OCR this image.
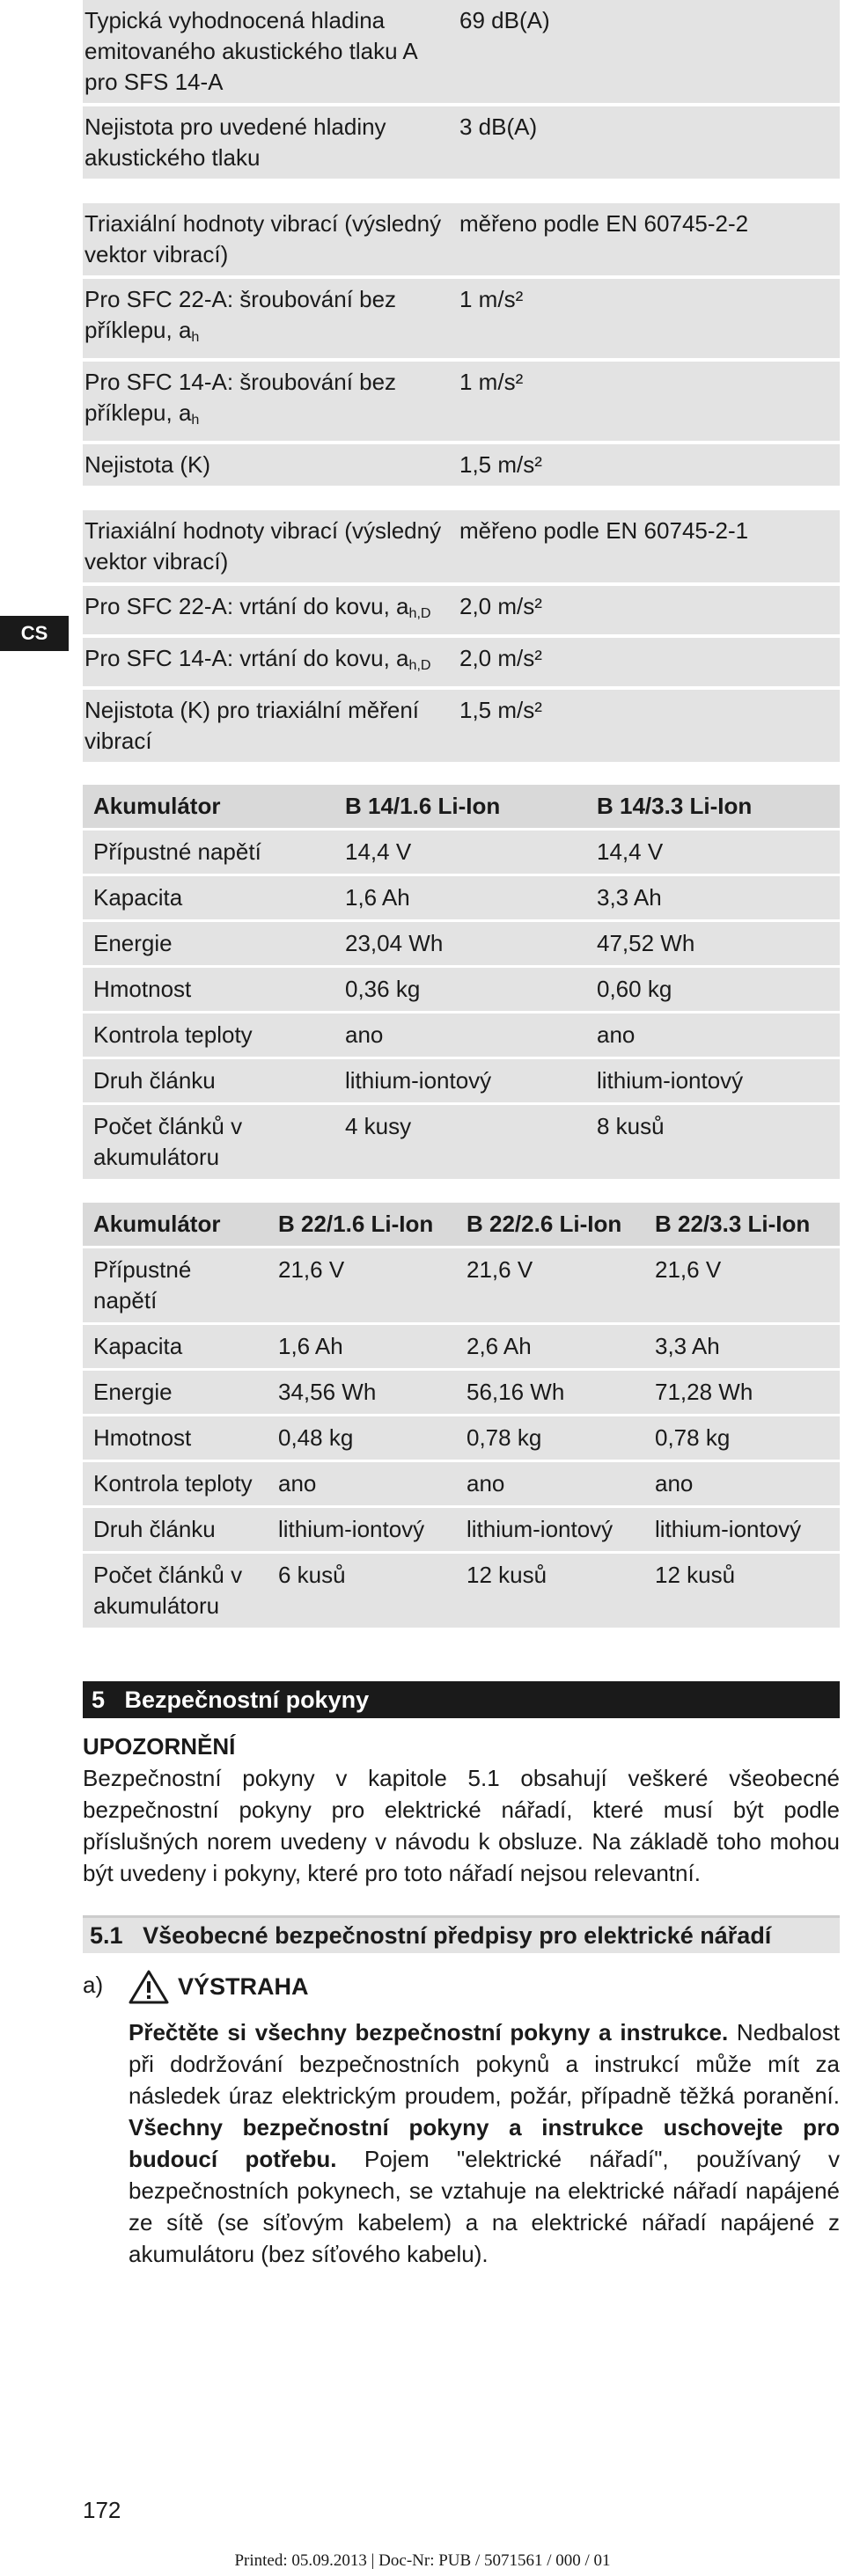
CS
Typická vyhodnocená hladina emitovaného akustického tlaku A pro SFS 14-A	69 dB(A)
Nejistota pro uvedené hladiny akustického tlaku	3 dB(A)
Triaxiální hodnoty vibrací (výsledný vektor vibrací)	měřeno podle EN 60745-2-2
Pro SFC 22-A: šroubování bez příklepu, $a_h$	1 m/s²
Pro SFC 14-A: šroubování bez příklepu, $a_h$	1 m/s²
Nejistota (K)	1,5 m/s²
Triaxiální hodnoty vibrací (výsledný vektor vibrací)	měřeno podle EN 60745-2-1
Pro SFC 22-A: vrtání do kovu, $a_{h,D}$	2,0 m/s²
Pro SFC 14-A: vrtání do kovu, $a_{h,D}$	2,0 m/s²
Nejistota (K) pro triaxiální měření vibrací	1,5 m/s²
Akumulátor	B 14/1.6 Li-Ion	B 14/3.3 Li-Ion
Přípustné napětí	14,4 V	14,4 V
Kapacita	1,6 Ah	3,3 Ah
Energie	23,04 Wh	47,52 Wh
Hmotnost	0,36 kg	0,60 kg
Kontrola teploty	ano	ano
Druh článku	lithium-iontový	lithium-iontový
Počet článků v akumulátoru	4 kusy	8 kusů
Akumulátor	B 22/1.6 Li-Ion	B 22/2.6 Li-Ion	B 22/3.3 Li-Ion
Přípustné napětí	21,6 V	21,6 V	21,6 V
Kapacita	1,6 Ah	2,6 Ah	3,3 Ah
Energie	34,56 Wh	56,16 Wh	71,28 Wh
Hmotnost	0,48 kg	0,78 kg	0,78 kg
Kontrola teploty	ano	ano	ano
Druh článku	lithium-iontový	lithium-iontový	lithium-iontový
Počet článků v akumulátoru	6 kusů	12 kusů	12 kusů
5 Bezpečnostní pokyny
UPOZORNĚNÍ
Bezpečnostní pokyny v kapitole 5.1 obsahují veškeré všeobecné bezpečnostní pokyny pro elektrické nářadí, které musí být podle příslušných norem uvedeny v návodu k obsluze. Na základě toho mohou být uvedeny i pokyny, které pro toto nářadí nejsou relevantní.
5.1 Všeobecné bezpečnostní předpisy pro elektrické nářadí
a)	VÝSTRAHA
Přečtěte si všechny bezpečnostní pokyny a instrukce. Nedbalost při dodržování bezpečnostních pokynů a instrukcí může mít za následek úraz elektrickým proudem, požár, případně těžká poranění. Všechny bezpečnostní pokyny a instrukce uschovejte pro budoucí potřebu. Pojem "elektrické nářadí", používaný v bezpečnostních pokynech, se vztahuje na elektrické nářadí napájené ze sítě (se síťovým kabelem) a na elektrické nářadí napájené z akumulátoru (bez síťového kabelu).
172
Printed: 05.09.2013 | Doc-Nr: PUB / 5071561 / 000 / 01
